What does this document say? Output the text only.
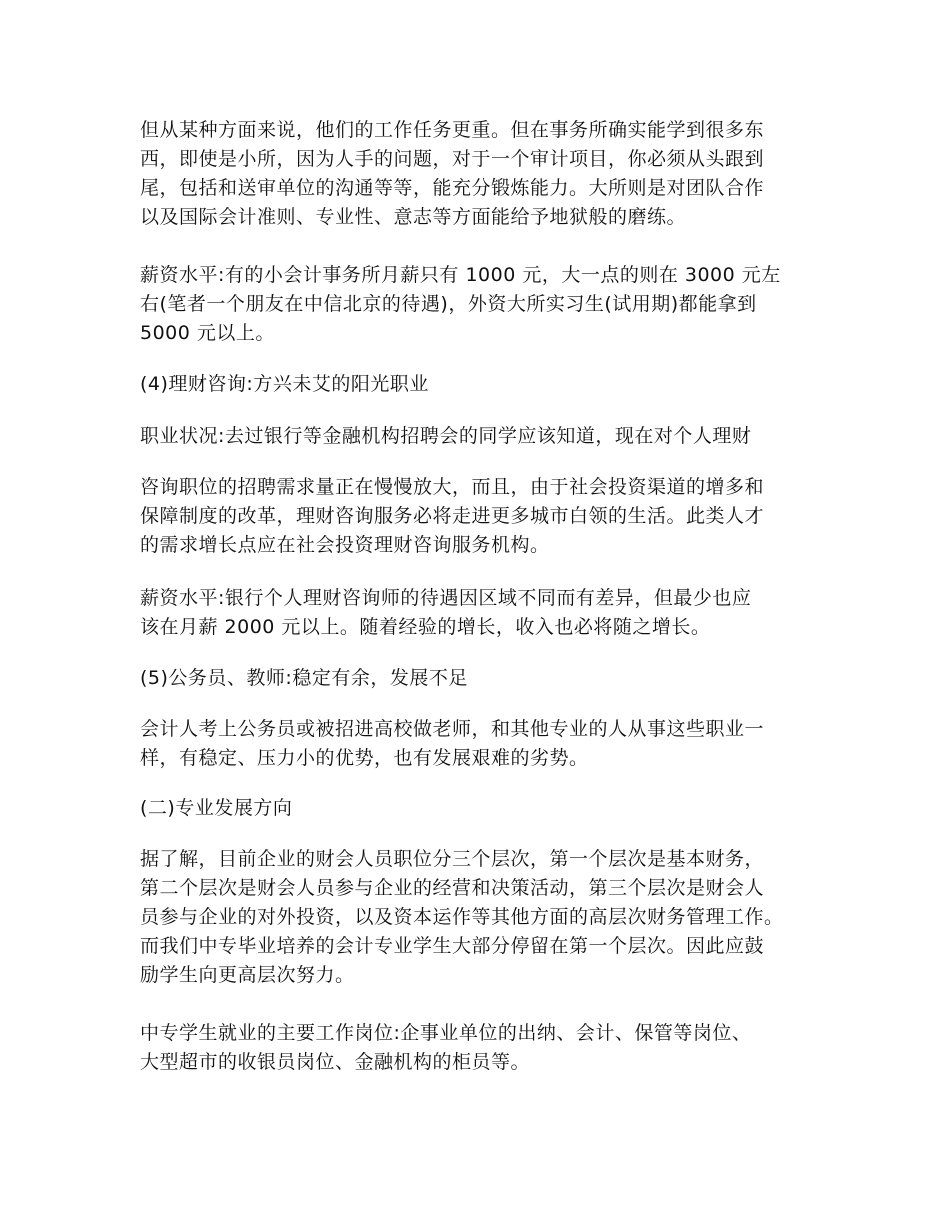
但从某种方面来说，他们的工作任务更重。但在事务所确实能学到很多东
西，即使是小所，因为人手的问题，对于一个审计项目，你必须从头跟到
尾，包括和送审单位的沟通等等，能充分锻炼能力。大所则是对团队合作
以及国际会计准则、专业性、意志等方面能给予地狱般的磨练。

薪资水平:有的小会计事务所月薪只有 1000 元，大一点的则在 3000 元左
右(笔者一个朋友在中信北京的待遇)，外资大所实习生(试用期)都能拿到
5000 元以上。

(4)理财咨询:方兴未艾的阳光职业

职业状况:去过银行等金融机构招聘会的同学应该知道，现在对个人理财

咨询职位的招聘需求量正在慢慢放大，而且，由于社会投资渠道的增多和
保障制度的改革，理财咨询服务必将走进更多城市白领的生活。此类人才
的需求增长点应在社会投资理财咨询服务机构。

薪资水平:银行个人理财咨询师的待遇因区域不同而有差异，但最少也应
该在月薪 2000 元以上。随着经验的增长，收入也必将随之增长。

(5)公务员、教师:稳定有余，发展不足

会计人考上公务员或被招进高校做老师，和其他专业的人从事这些职业一
样，有稳定、压力小的优势，也有发展艰难的劣势。

(二)专业发展方向

据了解，目前企业的财会人员职位分三个层次，第一个层次是基本财务，
第二个层次是财会人员参与企业的经营和决策活动，第三个层次是财会人
员参与企业的对外投资，以及资本运作等其他方面的高层次财务管理工作。
而我们中专毕业培养的会计专业学生大部分停留在第一个层次。因此应鼓
励学生向更高层次努力。

中专学生就业的主要工作岗位:企事业单位的出纳、会计、保管等岗位、
大型超市的收银员岗位、金融机构的柜员等。
